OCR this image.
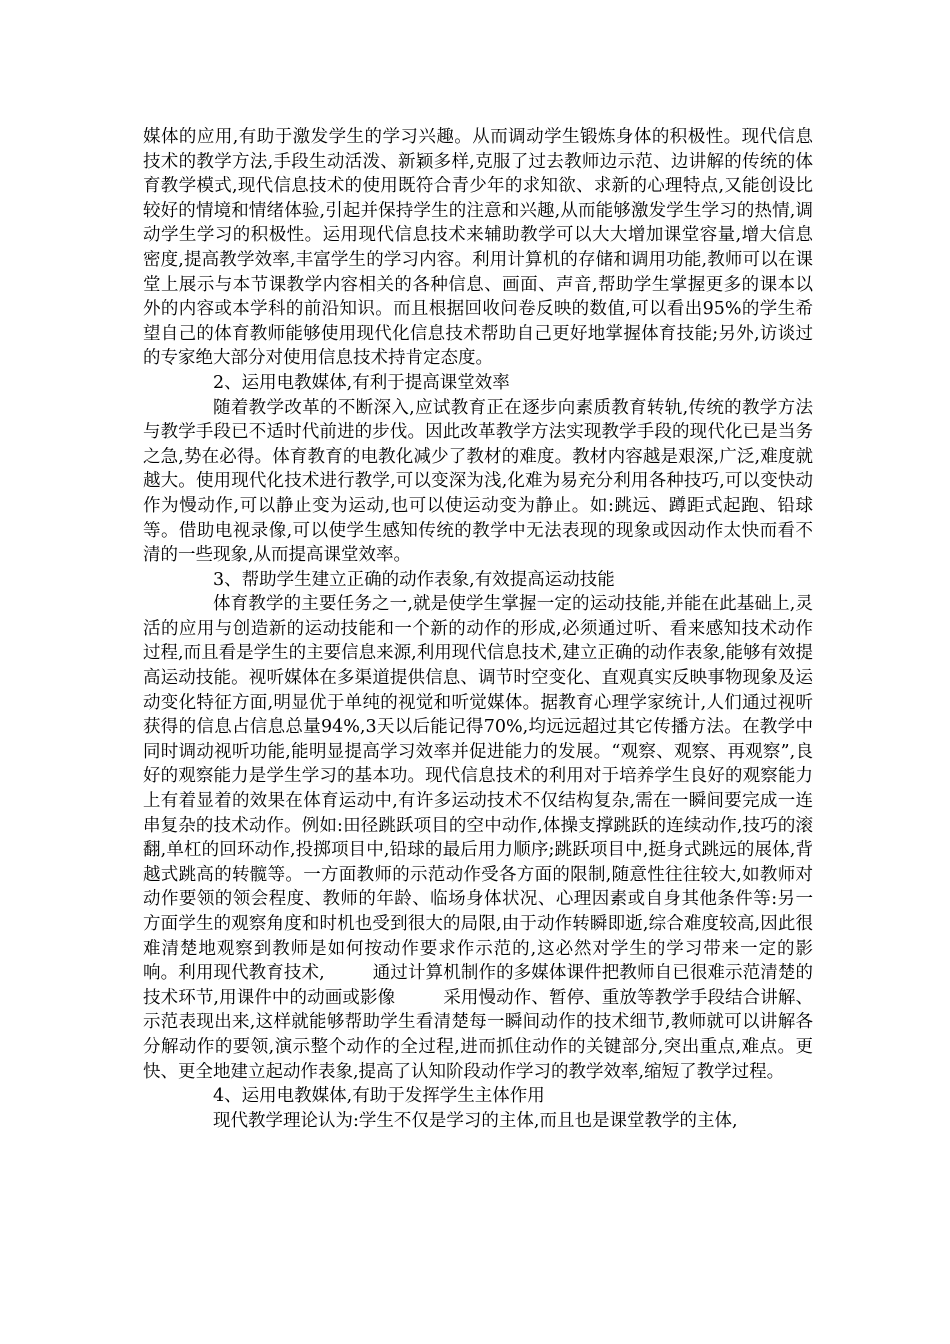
媒体的应用,有助于激发学生的学习兴趣。从而调动学生锻炼身体的积极性。现代信息技术的教学方法,手段生动活泼、新颖多样,克服了过去教师边示范、边讲解的传统的体育教学模式,现代信息技术的使用既符合青少年的求知欲、求新的心理特点,又能创设比较好的情境和情绪体验,引起并保持学生的注意和兴趣,从而能够激发学生学习的热情,调动学生学习的积极性。运用现代信息技术来辅助教学可以大大增加课堂容量,增大信息密度,提高教学效率,丰富学生的学习内容。利用计算机的存储和调用功能,教师可以在课堂上展示与本节课教学内容相关的各种信息、画面、声音,帮助学生掌握更多的课本以外的内容或本学科的前沿知识。而且根据回收问卷反映的数值,可以看出95%的学生希望自己的体育教师能够使用现代化信息技术帮助自己更好地掌握体育技能;另外,访谈过的专家绝大部分对使用信息技术持肯定态度。

2、运用电教媒体,有利于提高课堂效率

随着教学改革的不断深入,应试教育正在逐步向素质教育转轨,传统的教学方法与教学手段已不适时代前进的步伐。因此改革教学方法实现教学手段的现代化已是当务之急,势在必得。体育教育的电教化减少了教材的难度。教材内容越是艰深,广泛,难度就越大。使用现代化技术进行教学,可以变深为浅,化难为易充分利用各种技巧,可以变快动作为慢动作,可以静止变为运动,也可以使运动变为静止。如:跳远、蹲距式起跑、铅球等。借助电视录像,可以使学生感知传统的教学中无法表现的现象或因动作太快而看不清的一些现象,从而提高课堂效率。

3、帮助学生建立正确的动作表象,有效提高运动技能

体育教学的主要任务之一,就是使学生掌握一定的运动技能,并能在此基础上,灵活的应用与创造新的运动技能和一个新的动作的形成,必须通过听、看来感知技术动作过程,而且看是学生的主要信息来源,利用现代信息技术,建立正确的动作表象,能够有效提高运动技能。视听媒体在多渠道提供信息、调节时空变化、直观真实反映事物现象及运动变化特征方面,明显优于单纯的视觉和听觉媒体。据教育心理学家统计,人们通过视听获得的信息占信息总量94%,3天以后能记得70%,均远远超过其它传播方法。在教学中同时调动视听功能,能明显提高学习效率并促进能力的发展。“观察、观察、再观察”,良好的观察能力是学生学习的基本功。现代信息技术的利用对于培养学生良好的观察能力上有着显着的效果在体育运动中,有许多运动技术不仅结构复杂,需在一瞬间要完成一连串复杂的技术动作。例如:田径跳跃项目的空中动作,体操支撑跳跃的连续动作,技巧的滚翻,单杠的回环动作,投掷项目中,铅球的最后用力顺序;跳跃项目中,挺身式跳远的展体,背越式跳高的转髋等。一方面教师的示范动作受各方面的限制,随意性往往较大,如教师对动作要领的领会程度、教师的年龄、临场身体状况、心理因素或自身其他条件等:另一方面学生的观察角度和时机也受到很大的局限,由于动作转瞬即逝,综合难度较高,因此很难清楚地观察到教师是如何按动作要求作示范的,这必然对学生的学习带来一定的影响。利用现代教育技术,	通过计算机制作的多媒体课件把教师自已很难示范清楚的技术环节,用课件中的动画或影像	采用慢动作、暂停、重放等教学手段结合讲解、示范表现出来,这样就能够帮助学生看清楚每一瞬间动作的技术细节,教师就可以讲解各分解动作的要领,演示整个动作的全过程,进而抓住动作的关键部分,突出重点,难点。更快、更全地建立起动作表象,提高了认知阶段动作学习的教学效率,缩短了教学过程。

4、运用电教媒体,有助于发挥学生主体作用

现代教学理论认为:学生不仅是学习的主体,而且也是课堂教学的主体,
